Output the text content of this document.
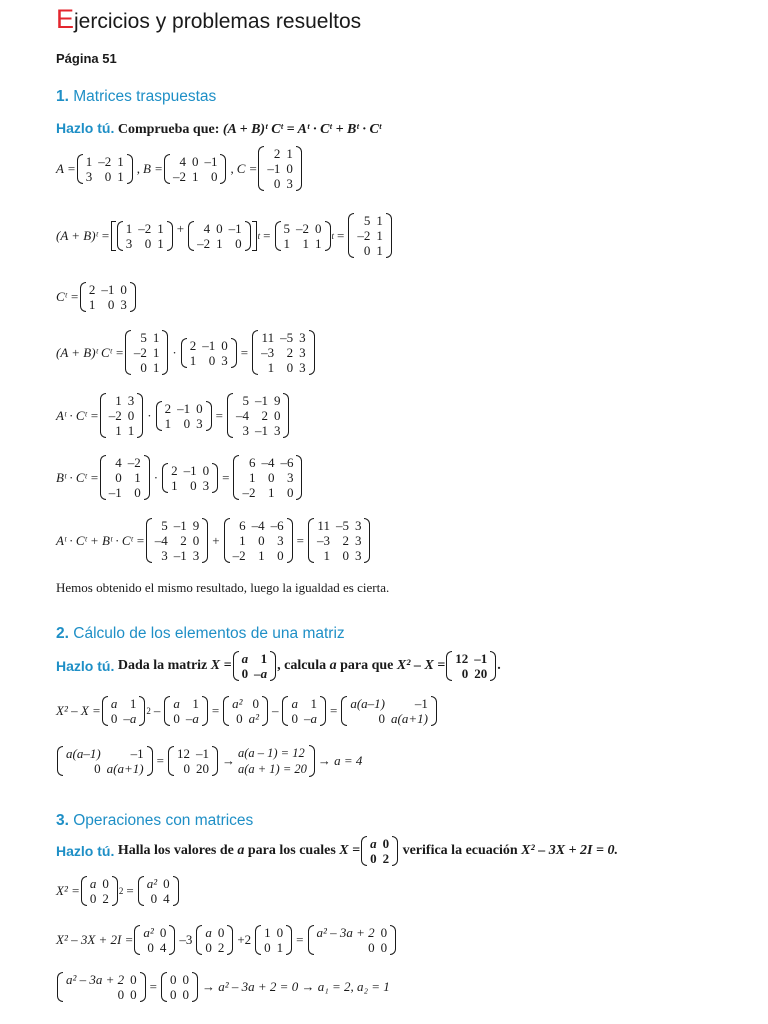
Ejercicios y problemas resueltos
Página 51
1. Matrices traspuestas
Hazlo tú. Comprueba que: (A + B)ᵗ Cᵗ = Aᵗ · Cᵗ + Bᵗ · Cᵗ
A = 1	–2	1
3	0	1
, B = 4	0	–1
–2	1	0
, C =
2	1
–1	0
0	3
(A + B)ᵗ = 1	–2	1
3	0	1
+ 4	0	–1
–2	1	0 t = 5	–2	0
1	1	1 t =
5	1
–2	1
0	1
Cᵗ = 2	–1	0
1	0	3
(A + B)ᵗ Cᵗ =
5	1
–2	1
0	1
· 2	–1	0
1	0	3
=
11	–5	3
–3	2	3
1	0	3
Aᵗ · Cᵗ =
1	3
–2	0
1	1
· 2	–1	0
1	0	3
=
5	–1	9
–4	2	0
3	–1	3
Bᵗ · Cᵗ =
4	–2
0	1
–1	0
· 2	–1	0
1	0	3
=
6	–4	–6
1	0	3
–2	1	0
Aᵗ · Cᵗ + Bᵗ · Cᵗ =
5	–1	9
–4	2	0
3	–1	3
+
6	–4	–6
1	0	3
–2	1	0
=
11	–5	3
–3	2	3
1	0	3
Hemos obtenido el mismo resultado, luego la igualdad es cierta.
2. Cálculo de los elementos de una matriz
Hazlo tú.
Dada la matriz
X = a	1
0	–a
, calcula
a
para que
X² – X = 12	–1
0	20
.
X² – X = a	1
0	–a 2 – a	1
0	–a
= a²	0
0	a²
– a	1
0	–a
= a(a–1)	–1
0	a(a+1)
a(a–1)	–1
0	a(a+1)
= 12	–1
0	20
→ a(a – 1) = 12
a(a + 1) = 20
→ a = 4
3. Operaciones con matrices
Hazlo tú.
Halla los valores de
a
para los cuales
X = a	0
0	2

verifica la ecuación
X² – 3X + 2I = 0.
X² = a	0
0	2 2 = a²	0
0	4
X² – 3X + 2I = a²	0
0	4
–3 a	0
0	2
+2 1	0
0	1
= a² – 3a + 2	0
0	0
a² – 3a + 2	0
0	0
= 0	0
0	0
→ a² – 3a + 2 = 0 → a₁ = 2, a₂ = 1
